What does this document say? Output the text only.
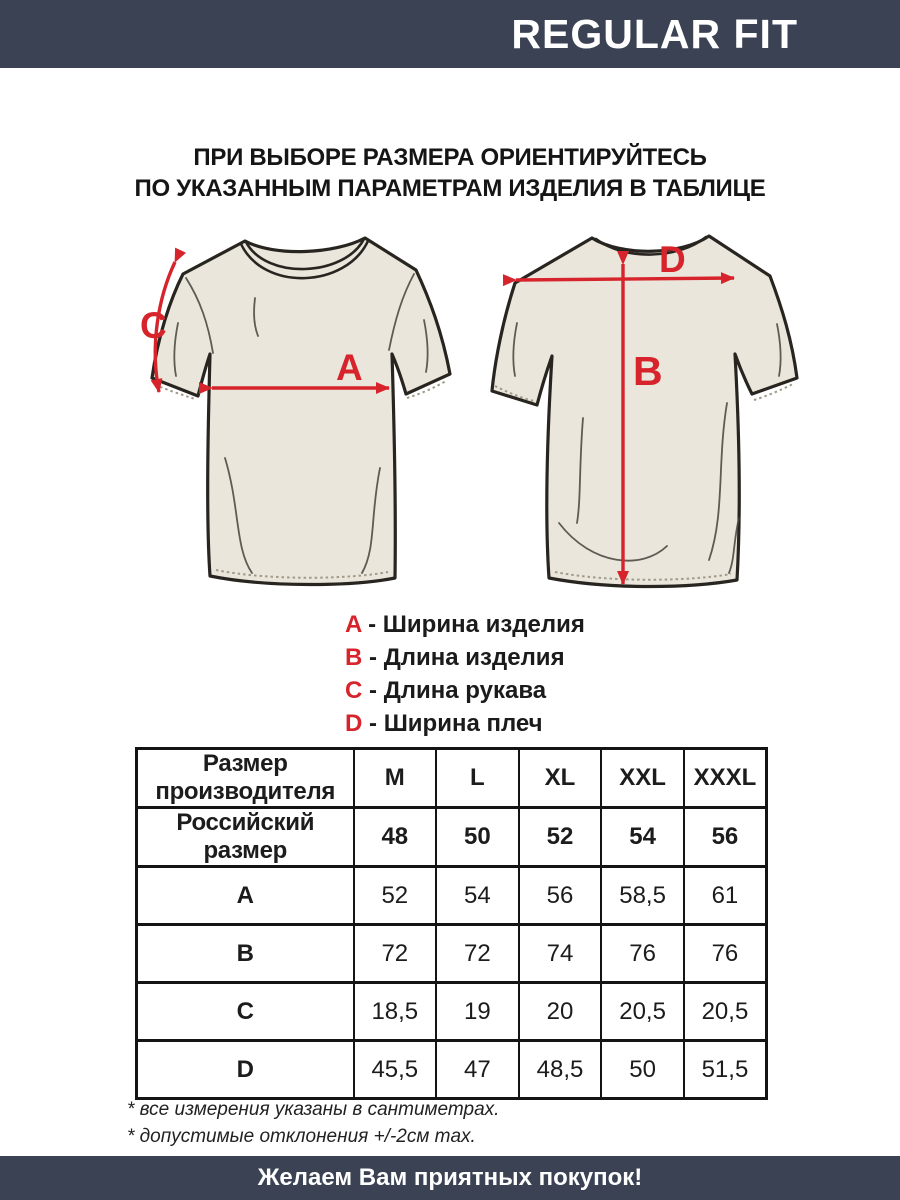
REGULAR FIT
ПРИ ВЫБОРЕ РАЗМЕРА ОРИЕНТИРУЙТЕСЬ
ПО УКАЗАННЫМ ПАРАМЕТРАМ ИЗДЕЛИЯ В ТАБЛИЦЕ
A
C
D
B
A - Ширина изделия
B - Длина изделия
C - Длина рукава
D - Ширина плеч
Размер производителя	M	L	XL	XXL	XXXL
Российский размер	48	50	52	54	56
A	52	54	56	58,5	61
B	72	72	74	76	76
C	18,5	19	20	20,5	20,5
D	45,5	47	48,5	50	51,5
* все измерения указаны в сантиметрах.
* допустимые отклонения +/-2см max.
Желаем Вам приятных покупок!
